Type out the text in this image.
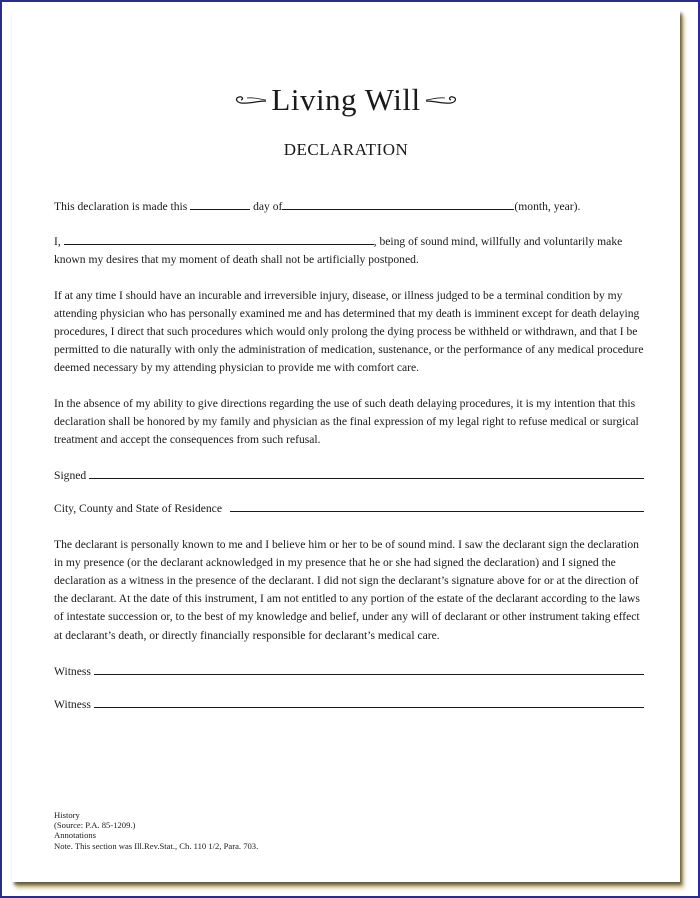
Living Will
DECLARATION

This declaration is made this	day of	(month, year).

I,	, being of sound mind, willfully and voluntarily make
known my desires that my moment of death shall not be artificially postponed.

If at any time I should have an incurable and irreversible injury, disease, or illness judged to be a terminal condition by my attending physician who has personally examined me and has determined that my death is imminent except for death delaying procedures, I direct that such procedures which would only prolong the dying process be withheld or withdrawn, and that I be permitted to die naturally with only the administration of medication, sustenance, or the performance of any medical procedure deemed necessary by my attending physician to provide me with comfort care.

In the absence of my ability to give directions regarding the use of such death delaying procedures, it is my intention that this declaration shall be honored by my family and physician as the final expression of my legal right to refuse medical or surgical treatment and accept the consequences from such refusal.

Signed
City, County and State of Residence

The declarant is personally known to me and I believe him or her to be of sound mind. I saw the declarant sign the declaration in my presence (or the declarant acknowledged in my presence that he or she had signed the declaration) and I signed the declaration as a witness in the presence of the declarant. I did not sign the declarant’s signature above for or at the direction of the declarant. At the date of this instrument, I am not entitled to any portion of the estate of the declarant according to the laws of intestate succession or, to the best of my knowledge and belief, under any will of declarant or other instrument taking effect at declarant’s death, or directly financially responsible for declarant’s medical care.

Witness
Witness
History
(Source: P.A. 85-1209.)
Annotations
Note. This section was Ill.Rev.Stat., Ch. 110 1/2, Para. 703.
